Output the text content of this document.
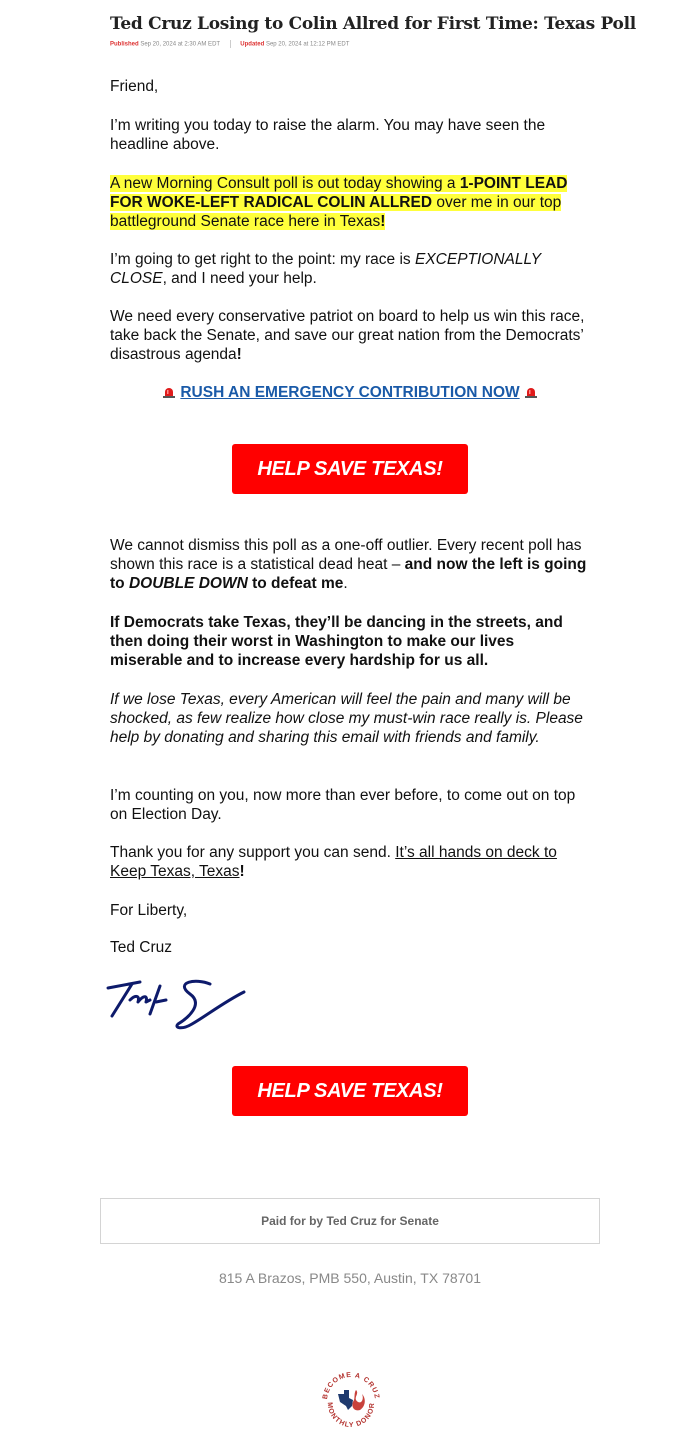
Ted Cruz Losing to Colin Allred for First Time: Texas Poll
Published Sep 20, 2024 at 2:30 AM EDT	Updated Sep 20, 2024 at 12:12 PM EDT
Friend,
I’m writing you today to raise the alarm. You may have seen the headline above.
A new Morning Consult poll is out today showing a 1-POINT LEAD FOR WOKE-LEFT RADICAL COLIN ALLRED over me in our top battleground Senate race here in Texas!
I’m going to get right to the point: my race is EXCEPTIONALLY CLOSE, and I need your help.
We need every conservative patriot on board to help us win this race, take back the Senate, and save our great nation from the Democrats’ disastrous agenda!
RUSH AN EMERGENCY CONTRIBUTION NOW
HELP SAVE TEXAS!
We cannot dismiss this poll as a one-off outlier. Every recent poll has shown this race is a statistical dead heat – and now the left is going to DOUBLE DOWN to defeat me.
If Democrats take Texas, they’ll be dancing in the streets, and then doing their worst in Washington to make our lives miserable and to increase every hardship for us all.
If we lose Texas, every American will feel the pain and many will be shocked, as few realize how close my must-win race really is. Please help by donating and sharing this email with friends and family.
I’m counting on you, now more than ever before, to come out on top on Election Day.
Thank you for any support you can send. It’s all hands on deck to Keep Texas, Texas!
For Liberty,
Ted Cruz
HELP SAVE TEXAS!
Paid for by Ted Cruz for Senate
815 A Brazos, PMB 550, Austin, TX 78701
BECOME A CRUZ
MONTHLY DONOR
